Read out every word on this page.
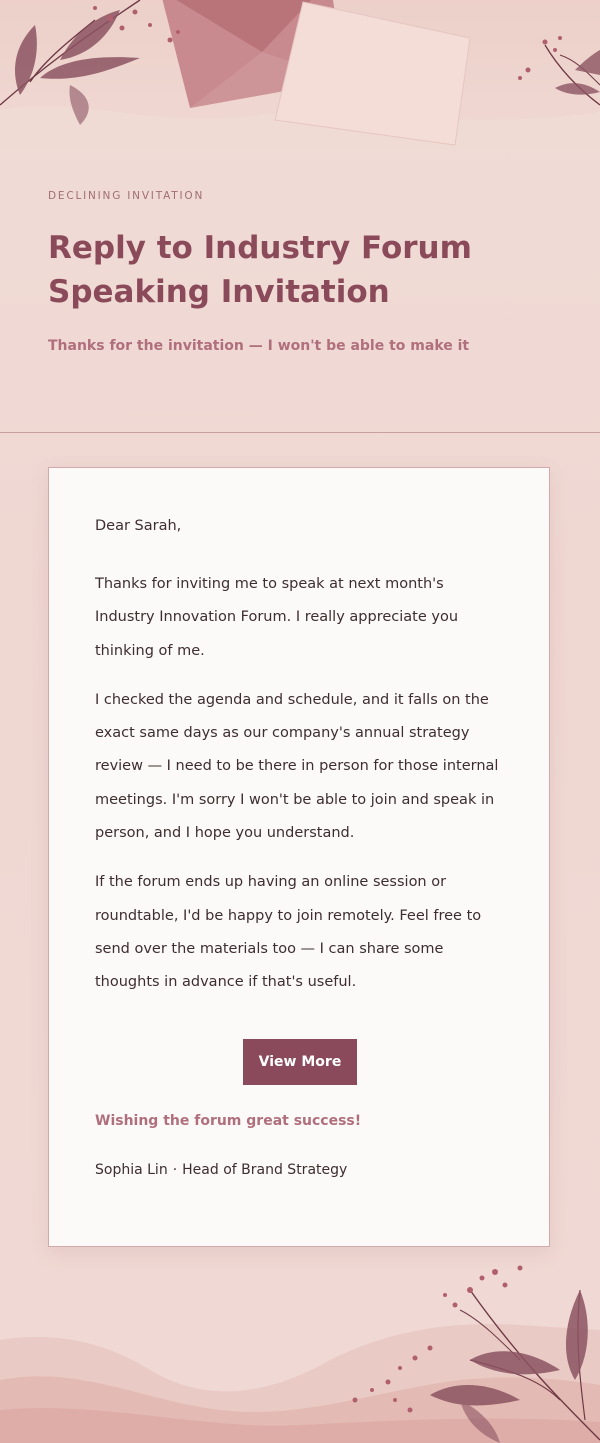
DECLINING INVITATION

Reply to Industry Forum Speaking Invitation

Thanks for the invitation — I won't be able to make it

Dear Sarah,

Thanks for inviting me to speak at next month's Industry Innovation Forum. I really appreciate you thinking of me.

I checked the agenda and schedule, and it falls on the exact same days as our company's annual strategy review — I need to be there in person for those internal meetings. I'm sorry I won't be able to join and speak in person, and I hope you understand.

If the forum ends up having an online session or roundtable, I'd be happy to join remotely. Feel free to send over the materials too — I can share some thoughts in advance if that's useful.

View More

Wishing the forum great success!

Sophia Lin · Head of Brand Strategy
